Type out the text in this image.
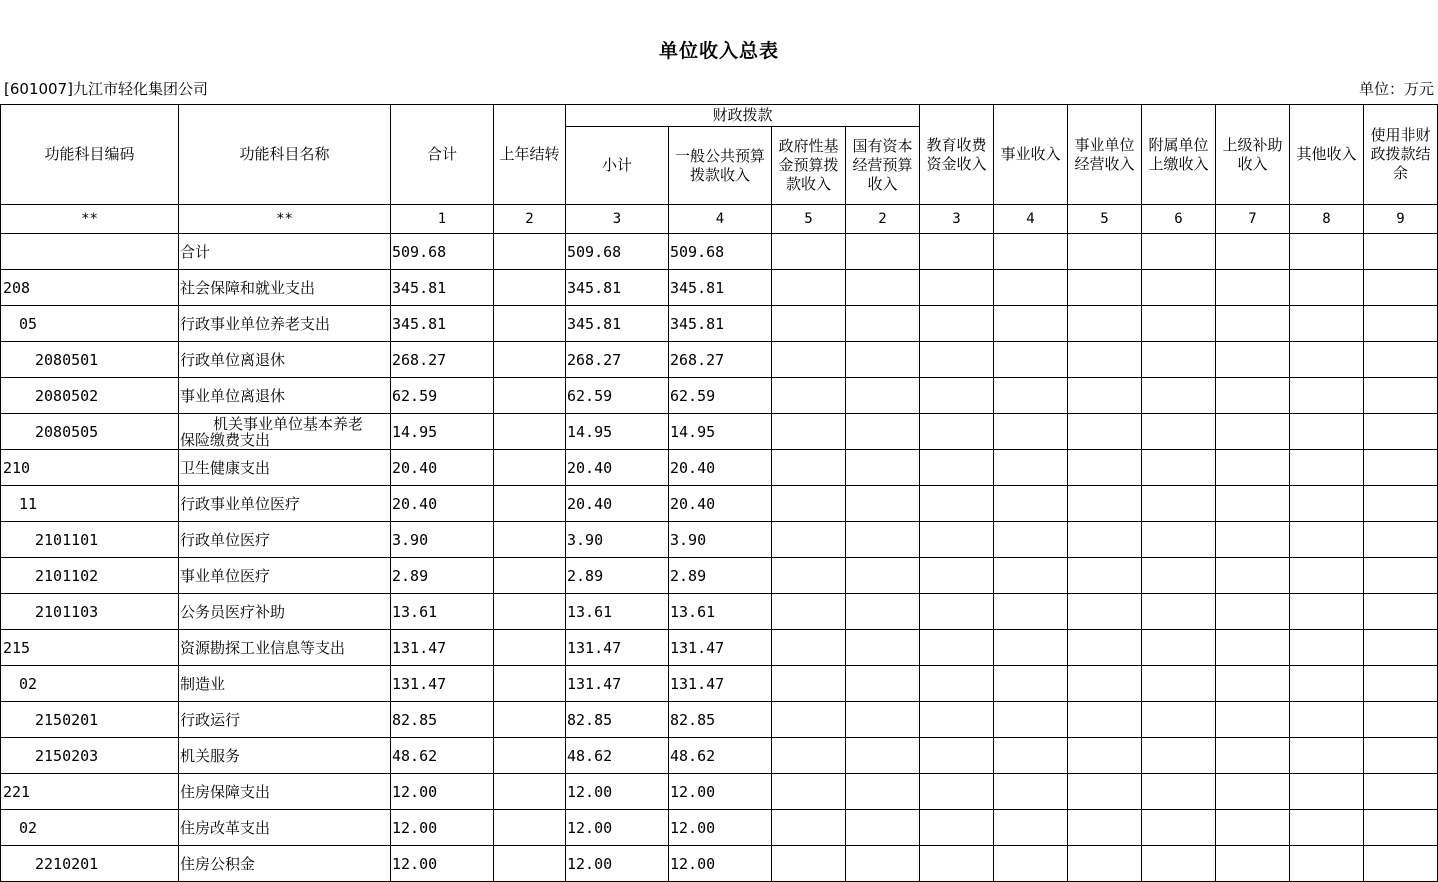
单位收入总表
[601007]九江市轻化集团公司	单位：万元
功能科目编码	功能科目名称	合计	上年结转	财政拨款				教育收费资金收入	事业收入	事业单位经营收入	附属单位上缴收入	上级补助收入	其他收入	使用非财政拨款结余

				小计	一般公共预算拨款收入	政府性基金预算拨款收入	国有资本经营预算收入							

**	**	1	2	3	4	5	2	3	4	5	6	7	8	9
	合计	509.68		509.68	509.68									
208	社会保障和就业支出	345.81		345.81	345.81									
05	行政事业单位养老支出	345.81		345.81	345.81									
2080501	行政单位离退休	268.27		268.27	268.27									
2080502	事业单位离退休	62.59		62.59	62.59									
2080505	机关事业单位基本养老
保险缴费支出	14.95		14.95	14.95									
210	卫生健康支出	20.40		20.40	20.40									
11	行政事业单位医疗	20.40		20.40	20.40									
2101101	行政单位医疗	3.90		3.90	3.90									
2101102	事业单位医疗	2.89		2.89	2.89									
2101103	公务员医疗补助	13.61		13.61	13.61									
215	资源勘探工业信息等支出	131.47		131.47	131.47									
02	制造业	131.47		131.47	131.47									
2150201	行政运行	82.85		82.85	82.85									
2150203	机关服务	48.62		48.62	48.62									
221	住房保障支出	12.00		12.00	12.00									
02	住房改革支出	12.00		12.00	12.00									
2210201	住房公积金	12.00		12.00	12.00									
